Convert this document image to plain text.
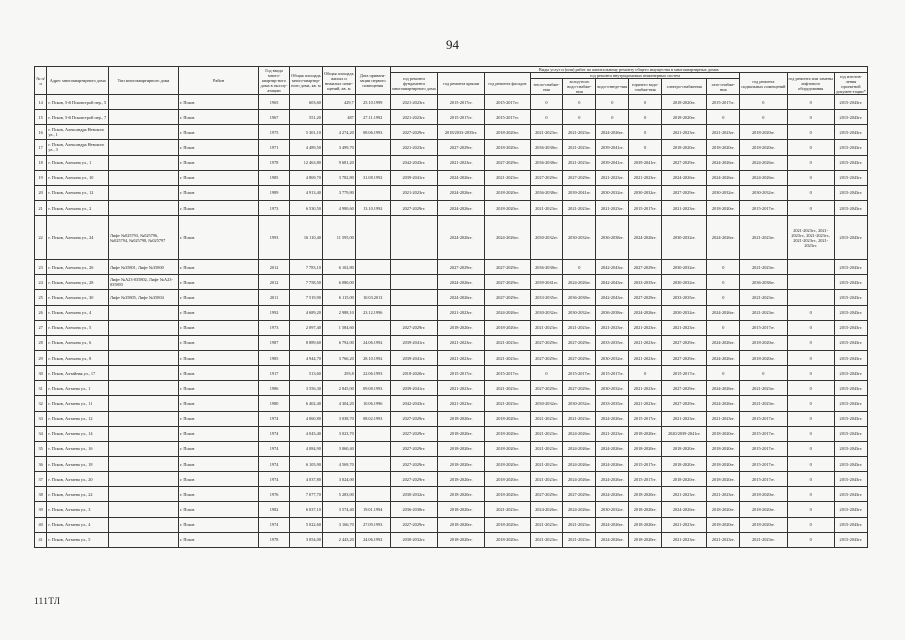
94
№ п/п	Адрес многоквартирного дома	Тип многоквартирного дома	Район	Год ввода много-квартир-ного дома в эксплу-атацию	Общая площадь много-квартир-ного дома, кв. м	Общая площадь жилых и нежилых поме-щений, кв. м	Дата привати-зации первого помещения	Виды услуг и (или) работ по капитальному ремонту общего имущества в многоквартирных домах											
								год ремонта фундамента многоквартирного дома	год ремонта крыши	год ремонта фасадов	год ремонта внутридомовых инженерных систем						год ремонта подвальных помещений	год ремонта или замены лифтового оборудования	год изготов-ления проектной докумен-тации*
											тепло-снабже-ния	холод-ного водо-снабже-ния	водо-отведе-ния	горячего водо-снабже-ния	электро-снабжения	газо-снабже-ния			
14	г. Псков, 5-й Псковстрой пер., 5		г. Псков	1965	603,60	429,7	25.10.1999	2021-2023гг.	2015-2017гг.	2015-2017гг.	0	0	0	0	2018-2020гг.	2015-2017гг.	0	0	2015-2043гг.
15	г. Псков, 5-й Псковстрой пер., 7		г. Псков	1967	551,20	487	27.11.1992	2021-2023гг.	2015-2017гг.	2015-2017гг.	0	0	0	0	2018-2020гг.	0	0	0	2015-2043гг.
16	г. Псков, Александра Невского ул., 1		г. Псков	1975	5 301,10	4 274,20	08.06.1993	2027-2029гг.	2018/2033-2035гг.	2018-2020гг.	2021-2023гг.	2021-2023гг.	2024-2026гг.	0	2021-2023гг.	2021-2023гг.	2018-2020гг.	0	2015-2043гг.
17	г. Псков, Александра Невского ул., 3		г. Псков	1971	4 489,50	3 499,70		2021-2023гг.	2027-2029гг.	2018-2020гг.	2036-2038гг.	2021-2023гг.	2039-2041гг.	0	2018-2020гг.	2018-2020гг.	2018-2020гг.	0	2015-2043гг.
18	г. Псков, Алехина ул., 1		г. Псков	1978	12 463,80	9 681,20		2042-2043гг.	2021-2023гг.	2027-2029гг.	2036-2038гг.	2021-2023гг.	2039-2041гг.	2039-2041гг.	2027-2029гг.	2024-2026гг.	2024-2026гг.	0	2015-2043гг.
19	г. Псков, Алехина ул., 10		г. Псков	1985	4 869,70	3 782,80	31.08.1992	2039-2041гг.	2024-2026гг.	2021-2023гг.	2027-2029гг.	2027-2029гг.	2021-2023гг.	2021-2023гг.	2024-2026гг.	2024-2026гг.	2024-2026гг.	0	2015-2043гг.
20	г. Псков, Алехина ул., 12		г. Псков	1989	4 913,40	3 779,80		2021-2023гг.	2024-2026гг.	2018-2020гг.	2036-2038гг.	2039-2041гг.	2030-2032гг.	2030-2032гг.	2027-2029гг.	2030-2032гг.	2030-2032гг.	0	2015-2043гг.
21	г. Псков, Алехина ул., 2		г. Псков	1973	6 530,50	4 980,60	13.10.1992	2027-2029гг.	2024-2026гг.	2018-2020гг.	2021-2023гг.	2021-2023гг.	2021-2023гг.	2015-2017гг.	2021-2023гг.	2018-2020гг.	2015-2017гг.	0	2015-2043гг.
22	г. Псков, Алехина ул., 24	Лифт №025793, №025796, №025794, №025798, №025797	г. Псков	1993	16 110,40	11 595,00			2024-2026гг.	2024-2026гг.	2030-2032гг.	2030-2032гг.	2036-2038гг.	2024-2026гг.	2030-2032гг.	2024-2026гг.	2021-2023гг.	2021-2023гг., 2021-2023гг., 2021-2023гг., 2021-2023гг., 2021-2023гг.	2015-2043гг.
23	г. Псков, Алехина ул., 26	Лифт №35801, Лифт №35800	г. Псков	2012	7 783,10	6 102,80			2027-2029гг.	2027-2029гг.	2036-2038гг.	0	2042-2043гг.	2027-2029гг.	2030-2032гг.	0	2021-2023гг.		2015-2043гг.
24	г. Псков, Алехина ул., 28	Лифт №А23-035802, Лифт №А23-035803	г. Псков	2012	7 758,50	6 080,00			2024-2026гг.	2027-2029гг.	2039-2041гг.	2024-2026гг.	2042-2043гг.	2033-2035гг.	2030-2032гг.	0	2036-2038гг.		2015-2043гг.
25	г. Псков, Алехина ул., 30	Лифт №35805, Лифт №35804	г. Псков	2011	7 519,90	6 115,00	10.03.2013		2024-2026гг.	2027-2029гг.	2033-2035гг.	2036-2038гг.	2042-2043гг.	2027-2029гг.	2033-2035гг.	0	2021-2023гг.		2015-2043гг.
26	г. Псков, Алехина ул., 4		г. Псков	1992	4 689,20	2 988,10	23.12.1996		2021-2023гг.	2024-2026гг.	2030-2032гг.	2030-2032гг.	2036-2038гг.	2024-2026гг.	2030-2032гг.	2024-2026гг.	2021-2023гг.	0	2015-2043гг.
27	г. Псков, Алехина ул., 5		г. Псков	1973	2 097,40	1 584,60		2027-2029гг.	2018-2020гг.	2018-2020гг.	2021-2023гг.	2021-2023гг.	2021-2023гг.	2021-2023гг.	2021-2023гг.	0	2015-2017гг.	0	2015-2043гг.
28	г. Псков, Алехина ул., 6		г. Псков	1987	8 889,60	6 792,00	24.06.1992	2039-2041гг.	2021-2023гг.	2021-2023гг.	2027-2029гг.	2027-2029гг.	2033-2035гг.	2021-2023гг.	2027-2029гг.	2024-2026гг.	2018-2020гг.	0	2015-2043гг.
29	г. Псков, Алехина ул., 8		г. Псков	1985	4 944,70	3 766,20	28.10.1992	2039-2041гг.	2021-2023гг.	2021-2023гг.	2027-2029гг.	2027-2029гг.	2030-2032гг.	2021-2023гг.	2027-2029гг.	2024-2026гг.	2018-2020гг.	0	2015-2043гг.
30	г. Псков, Алтайная ул., 17		г. Псков	1917	513,60	293,8	22.06.1993	2018-2020гг.	2015-2017гг.	2015-2017гг.	0	2015-2017гг.	2015-2017гг.	0	2015-2017гг.	0	0	0	2015-2043гг.
31	г. Псков, Алтаева ул., 1		г. Псков	1986	3 556,30	2 845,00	09.08.1993	2039-2041гг.	2021-2023гг.	2021-2023гг.	2027-2029гг.	2027-2029гг.	2030-2032гг.	2021-2023гг.	2027-2029гг.	2024-2026гг.	2021-2023гг.	0	2015-2043гг.
32	г. Псков, Алтаева ул., 11		г. Псков	1980	6 402,40	4 304,20	10.06.1996	2042-2043гг.	2021-2023гг.	2021-2023гг.	2030-2032гг.	2030-2032гг.	2033-2035гг.	2021-2023гг.	2027-2029гг.	2024-2026гг.	2021-2023гг.	0	2015-2043гг.
33	г. Псков, Алтаева ул., 12		г. Псков	1974	4 060,80	3 038,70	08.02.1993	2027-2029гг.	2018-2020гг.	2018-2020гг.	2021-2023гг.	2021-2023гг.	2024-2026гг.	2015-2017гг.	2021-2023гг.	2021-2023гг.	2015-2017гг.	0	2015-2043гг.
34	г. Псков, Алтаева ул., 14		г. Псков	1974	4 043,40	3 023,70		2027-2029гг.	2018-2020гг.	2018-2020гг.	2021-2023гг.	2024-2026гг.	2021-2023гг.	2018-2020гг.	2020/2039-2041гг.	2018-2020гг.	2015-2017гг.	0	2015-2043гг.
35	г. Псков, Алтаева ул., 16		г. Псков	1974	4 084,90	3 060,40		2027-2029гг.	2018-2020гг.	2018-2020гг.	2021-2023гг.	2024-2026гг.	2024-2026гг.	2018-2020гг.	2018-2020гг.	2018-2020гг.	2015-2017гг.	0	2015-2043гг.
36	г. Псков, Алтаева ул., 18		г. Псков	1974	6 105,90	4 569,70		2027-2029гг.	2018-2020гг.	2018-2020гг.	2021-2023гг.	2024-2026гг.	2024-2026гг.	2015-2017гг.	2018-2020гг.	2018-2020гг.	2015-2017гг.	0	2015-2043гг.
37	г. Псков, Алтаева ул., 20		г. Псков	1974	4 037,80	3 024,00		2027-2029гг.	2018-2020гг.	2018-2020гг.	2021-2023гг.	2024-2026гг.	2024-2026гг.	2015-2017гг.	2018-2020гг.	2018-2020гг.	2015-2017гг.	0	2015-2043гг.
38	г. Псков, Алтаева ул., 22		г. Псков	1976	7 077,70	5 283,00		2030-2032гг.	2018-2020гг.	2018-2020гг.	2027-2029гг.	2027-2029гг.	2024-2026гг.	2018-2020гг.	2021-2023гг.	2021-2023гг.	2018-2020гг.	0	2015-2043гг.
39	г. Псков, Алтаева ул., 3		г. Псков	1982	6 037,10	3 574,40	19.01.1994	2036-2038гг.	2018-2020гг.	2021-2023гг.	2024-2026гг.	2024-2026гг.	2030-2032гг.	2018-2020гг.	2024-2026гг.	2018-2020гг.	2018-2020гг.	0	2015-2043гг.
40	г. Псков, Алтаева ул., 4		г. Псков	1974	5 022,60	3 166,70	27.09.1993	2027-2029гг.	2018-2020гг.	2018-2020гг.	2021-2023гг.	2021-2023гг.	2024-2026гг.	2018-2020гг.	2021-2023гг.	2018-2020гг.	2018-2020гг.	0	2015-2043гг.
41	г. Псков, Алтаева ул., 5		г. Псков	1978	3 054,00	2 443,20	24.06.1992	2030-2032гг.	2018-2020гг.	2018-2020гг.	2021-2023гг.	2021-2023гг.	2024-2026гг.	2018-2020гг.	2021-2023гг.	2021-2023гг.	2021-2023гг.	0	2015-2043гг.
111ТЛ
